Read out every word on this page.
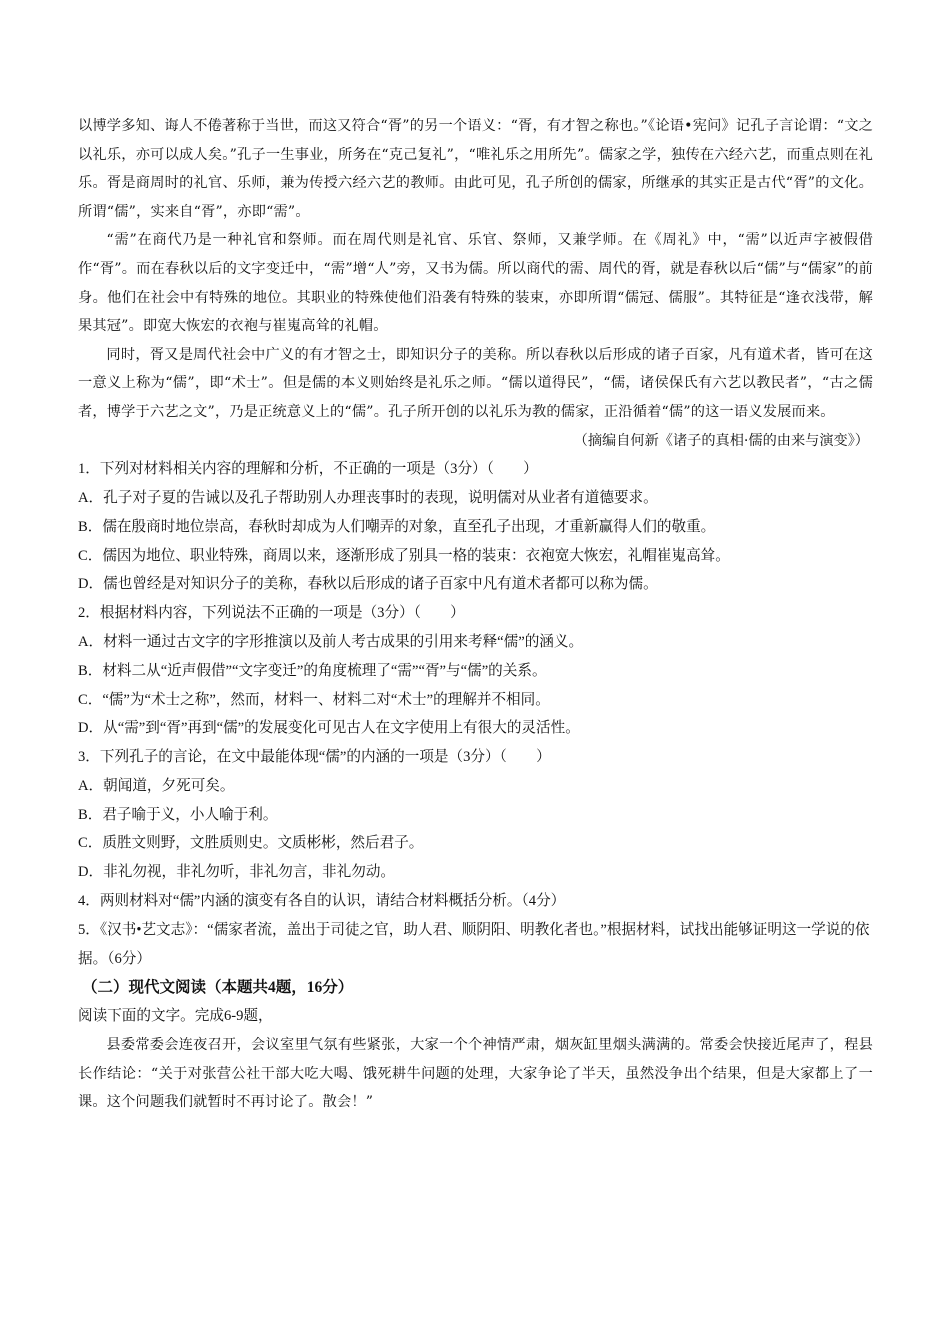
以博学多知、诲人不倦著称于当世，而这又符合“胥”的另一个语义：“胥，有才智之称也。”《论语•宪问》记孔子言论谓：“文之以礼乐，亦可以成人矣。”孔子一生事业，所务在“克己复礼”，“唯礼乐之用所先”。儒家之学，独传在六经六艺，而重点则在礼乐。胥是商周时的礼官、乐师，兼为传授六经六艺的教师。由此可见，孔子所创的儒家，所继承的其实正是古代“胥”的文化。所谓“儒”，实来自“胥”，亦即“需”。

“需”在商代乃是一种礼官和祭师。而在周代则是礼官、乐官、祭师，又兼学师。在《周礼》中，“需”以近声字被假借作“胥”。而在春秋以后的文字变迁中，“需”增“人”旁，又书为儒。所以商代的需、周代的胥，就是春秋以后“儒”与“儒家”的前身。他们在社会中有特殊的地位。其职业的特殊使他们沿袭有特殊的装束，亦即所谓“儒冠、儒服”。其特征是“逢衣浅带，解果其冠”。即宽大恢宏的衣袍与崔嵬高耸的礼帽。

同时，胥又是周代社会中广义的有才智之士，即知识分子的美称。所以春秋以后形成的诸子百家，凡有道术者，皆可在这一意义上称为“儒”，即“术士”。但是儒的本义则始终是礼乐之师。“儒以道得民”，“儒，诸侯保氏有六艺以教民者”，“古之儒者，博学于六艺之文”，乃是正统意义上的“儒”。孔子所开创的以礼乐为教的儒家，正沿循着“儒”的这一语义发展而来。

（摘编自何新《诸子的真相·儒的由来与演变》）

1．下列对材料相关内容的理解和分析，不正确的一项是（3分）（　　）

A．孔子对子夏的告诫以及孔子帮助别人办理丧事时的表现，说明儒对从业者有道德要求。

B．儒在殷商时地位崇高，春秋时却成为人们嘲弄的对象，直至孔子出现，才重新赢得人们的敬重。

C．儒因为地位、职业特殊，商周以来，逐渐形成了别具一格的装束：衣袍宽大恢宏，礼帽崔嵬高耸。

D．儒也曾经是对知识分子的美称，春秋以后形成的诸子百家中凡有道术者都可以称为儒。

2．根据材料内容，下列说法不正确的一项是（3分）（　　）

A．材料一通过古文字的字形推演以及前人考古成果的引用来考释“儒”的涵义。

B．材料二从“近声假借”“文字变迁”的角度梳理了“需”“胥”与“儒”的关系。

C．“儒”为“术士之称”，然而，材料一、材料二对“术士”的理解并不相同。

D．从“需”到“胥”再到“儒”的发展变化可见古人在文字使用上有很大的灵活性。

3．下列孔子的言论，在文中最能体现“儒”的内涵的一项是（3分）（　　）

A．朝闻道，夕死可矣。

B．君子喻于义，小人喻于利。

C．质胜文则野，文胜质则史。文质彬彬，然后君子。

D．非礼勿视，非礼勿听，非礼勿言，非礼勿动。

4．两则材料对“儒”内涵的演变有各自的认识，请结合材料概括分析。（4分）

5．《汉书•艺文志》：“儒家者流，盖出于司徒之官，助人君、顺阴阳、明教化者也。”根据材料，试找出能够证明这一学说的依据。（6分）

（二）现代文阅读（本题共4题，16分）

阅读下面的文字。完成6-9题，

县委常委会连夜召开，会议室里气氛有些紧张，大家一个个神情严肃，烟灰缸里烟头满满的。常委会快接近尾声了，程县长作结论：“关于对张营公社干部大吃大喝、饿死耕牛问题的处理，大家争论了半天，虽然没争出个结果，但是大家都上了一课。这个问题我们就暂时不再讨论了。散会！”
